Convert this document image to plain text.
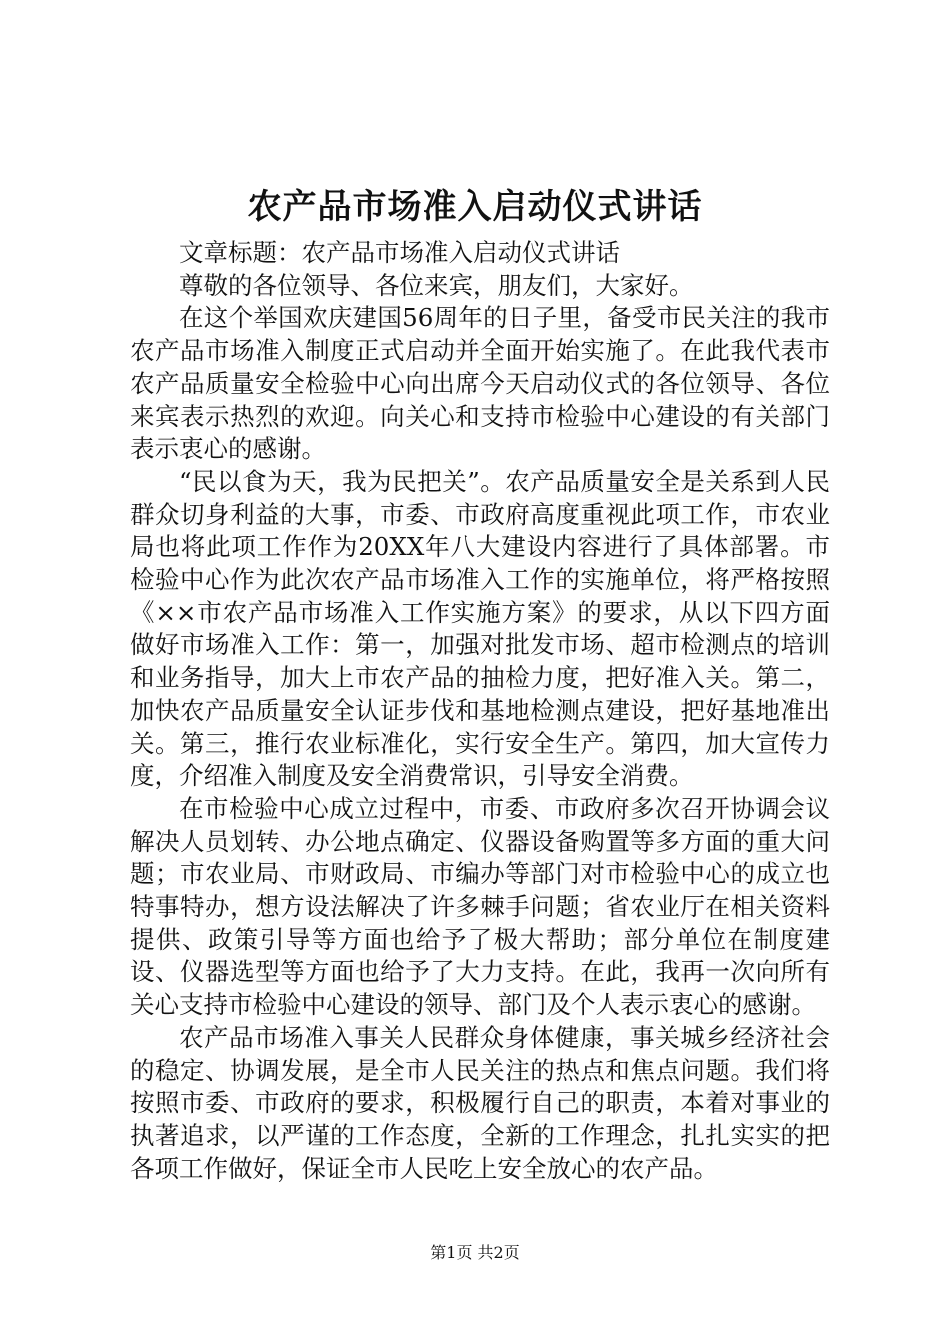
农产品市场准入启动仪式讲话

文章标题：农产品市场准入启动仪式讲话

尊敬的各位领导、各位来宾，朋友们，大家好。

在这个举国欢庆建国56周年的日子里，备受市民关注的我市农产品市场准入制度正式启动并全面开始实施了。在此我代表市农产品质量安全检验中心向出席今天启动仪式的各位领导、各位来宾表示热烈的欢迎。向关心和支持市检验中心建设的有关部门表示衷心的感谢。

“民以食为天，我为民把关”。农产品质量安全是关系到人民群众切身利益的大事，市委、市政府高度重视此项工作，市农业局也将此项工作作为20XX年八大建设内容进行了具体部署。市检验中心作为此次农产品市场准入工作的实施单位，将严格按照《××市农产品市场准入工作实施方案》的要求，从以下四方面做好市场准入工作：第一，加强对批发市场、超市检测点的培训和业务指导，加大上市农产品的抽检力度，把好准入关。第二，加快农产品质量安全认证步伐和基地检测点建设，把好基地准出关。第三，推行农业标准化，实行安全生产。第四，加大宣传力度，介绍准入制度及安全消费常识，引导安全消费。

在市检验中心成立过程中，市委、市政府多次召开协调会议解决人员划转、办公地点确定、仪器设备购置等多方面的重大问题；市农业局、市财政局、市编办等部门对市检验中心的成立也特事特办，想方设法解决了许多棘手问题；省农业厅在相关资料提供、政策引导等方面也给予了极大帮助；部分单位在制度建设、仪器选型等方面也给予了大力支持。在此，我再一次向所有关心支持市检验中心建设的领导、部门及个人表示衷心的感谢。

农产品市场准入事关人民群众身体健康，事关城乡经济社会的稳定、协调发展，是全市人民关注的热点和焦点问题。我们将按照市委、市政府的要求，积极履行自己的职责，本着对事业的执著追求，以严谨的工作态度，全新的工作理念，扎扎实实的把各项工作做好，保证全市人民吃上安全放心的农产品。

第1页 共2页
